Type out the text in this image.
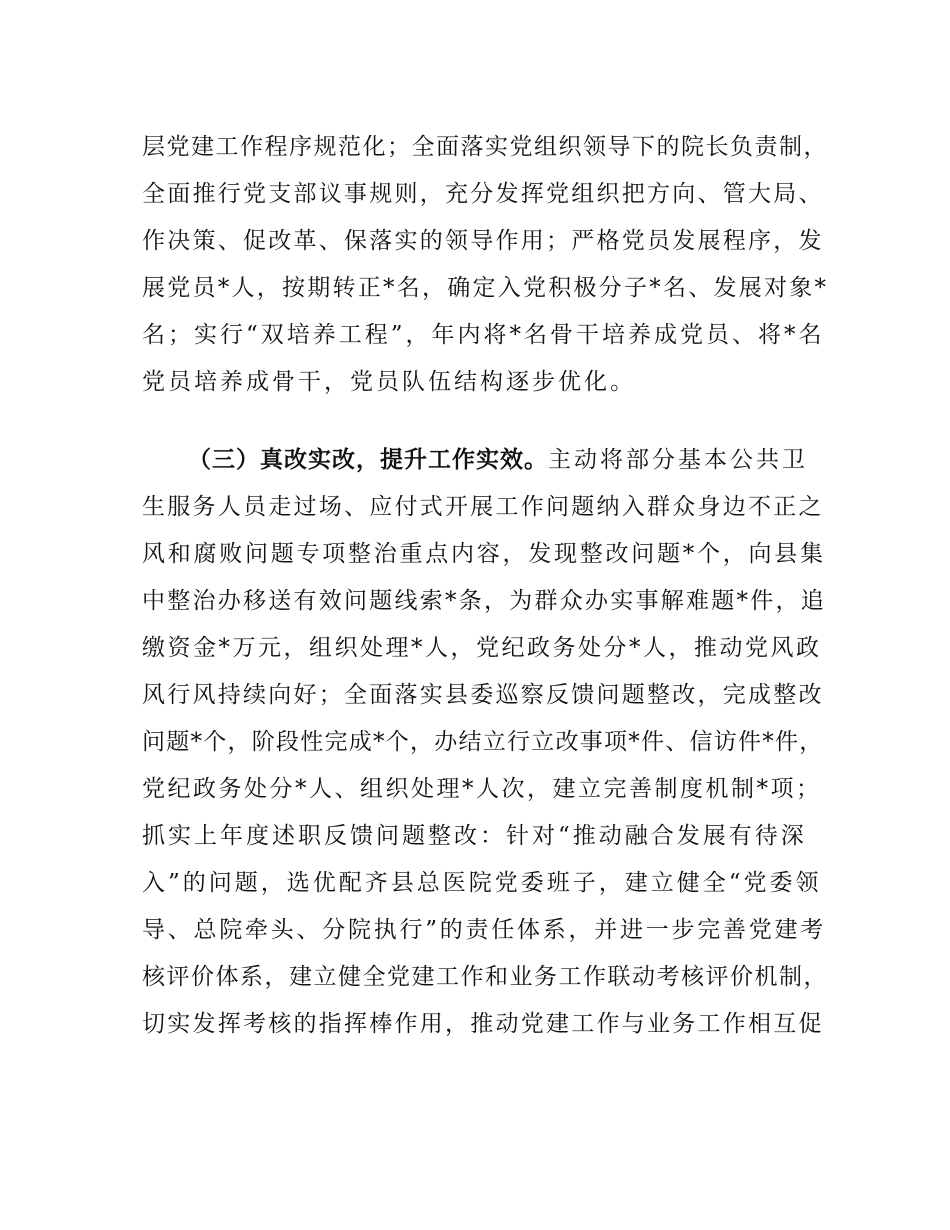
层党建工作程序规范化；全面落实党组织领导下的院长负责制，
全面推行党支部议事规则，充分发挥党组织把方向、管大局、
作决策、促改革、保落实的领导作用；严格党员发展程序，发
展党员*人，按期转正*名，确定入党积极分子*名、发展对象*
名；实行“双培养工程”，年内将*名骨干培养成党员、将*名
党员培养成骨干，党员队伍结构逐步优化。
（三）真改实改，提升工作实效。主动将部分基本公共卫
生服务人员走过场、应付式开展工作问题纳入群众身边不正之
风和腐败问题专项整治重点内容，发现整改问题*个，向县集
中整治办移送有效问题线索*条，为群众办实事解难题*件，追
缴资金*万元，组织处理*人，党纪政务处分*人，推动党风政
风行风持续向好；全面落实县委巡察反馈问题整改，完成整改
问题*个，阶段性完成*个，办结立行立改事项*件、信访件*件，
党纪政务处分*人、组织处理*人次，建立完善制度机制*项；
抓实上年度述职反馈问题整改：针对“推动融合发展有待深
入”的问题，选优配齐县总医院党委班子，建立健全“党委领
导、总院牵头、分院执行”的责任体系，并进一步完善党建考
核评价体系，建立健全党建工作和业务工作联动考核评价机制，
切实发挥考核的指挥棒作用，推动党建工作与业务工作相互促
